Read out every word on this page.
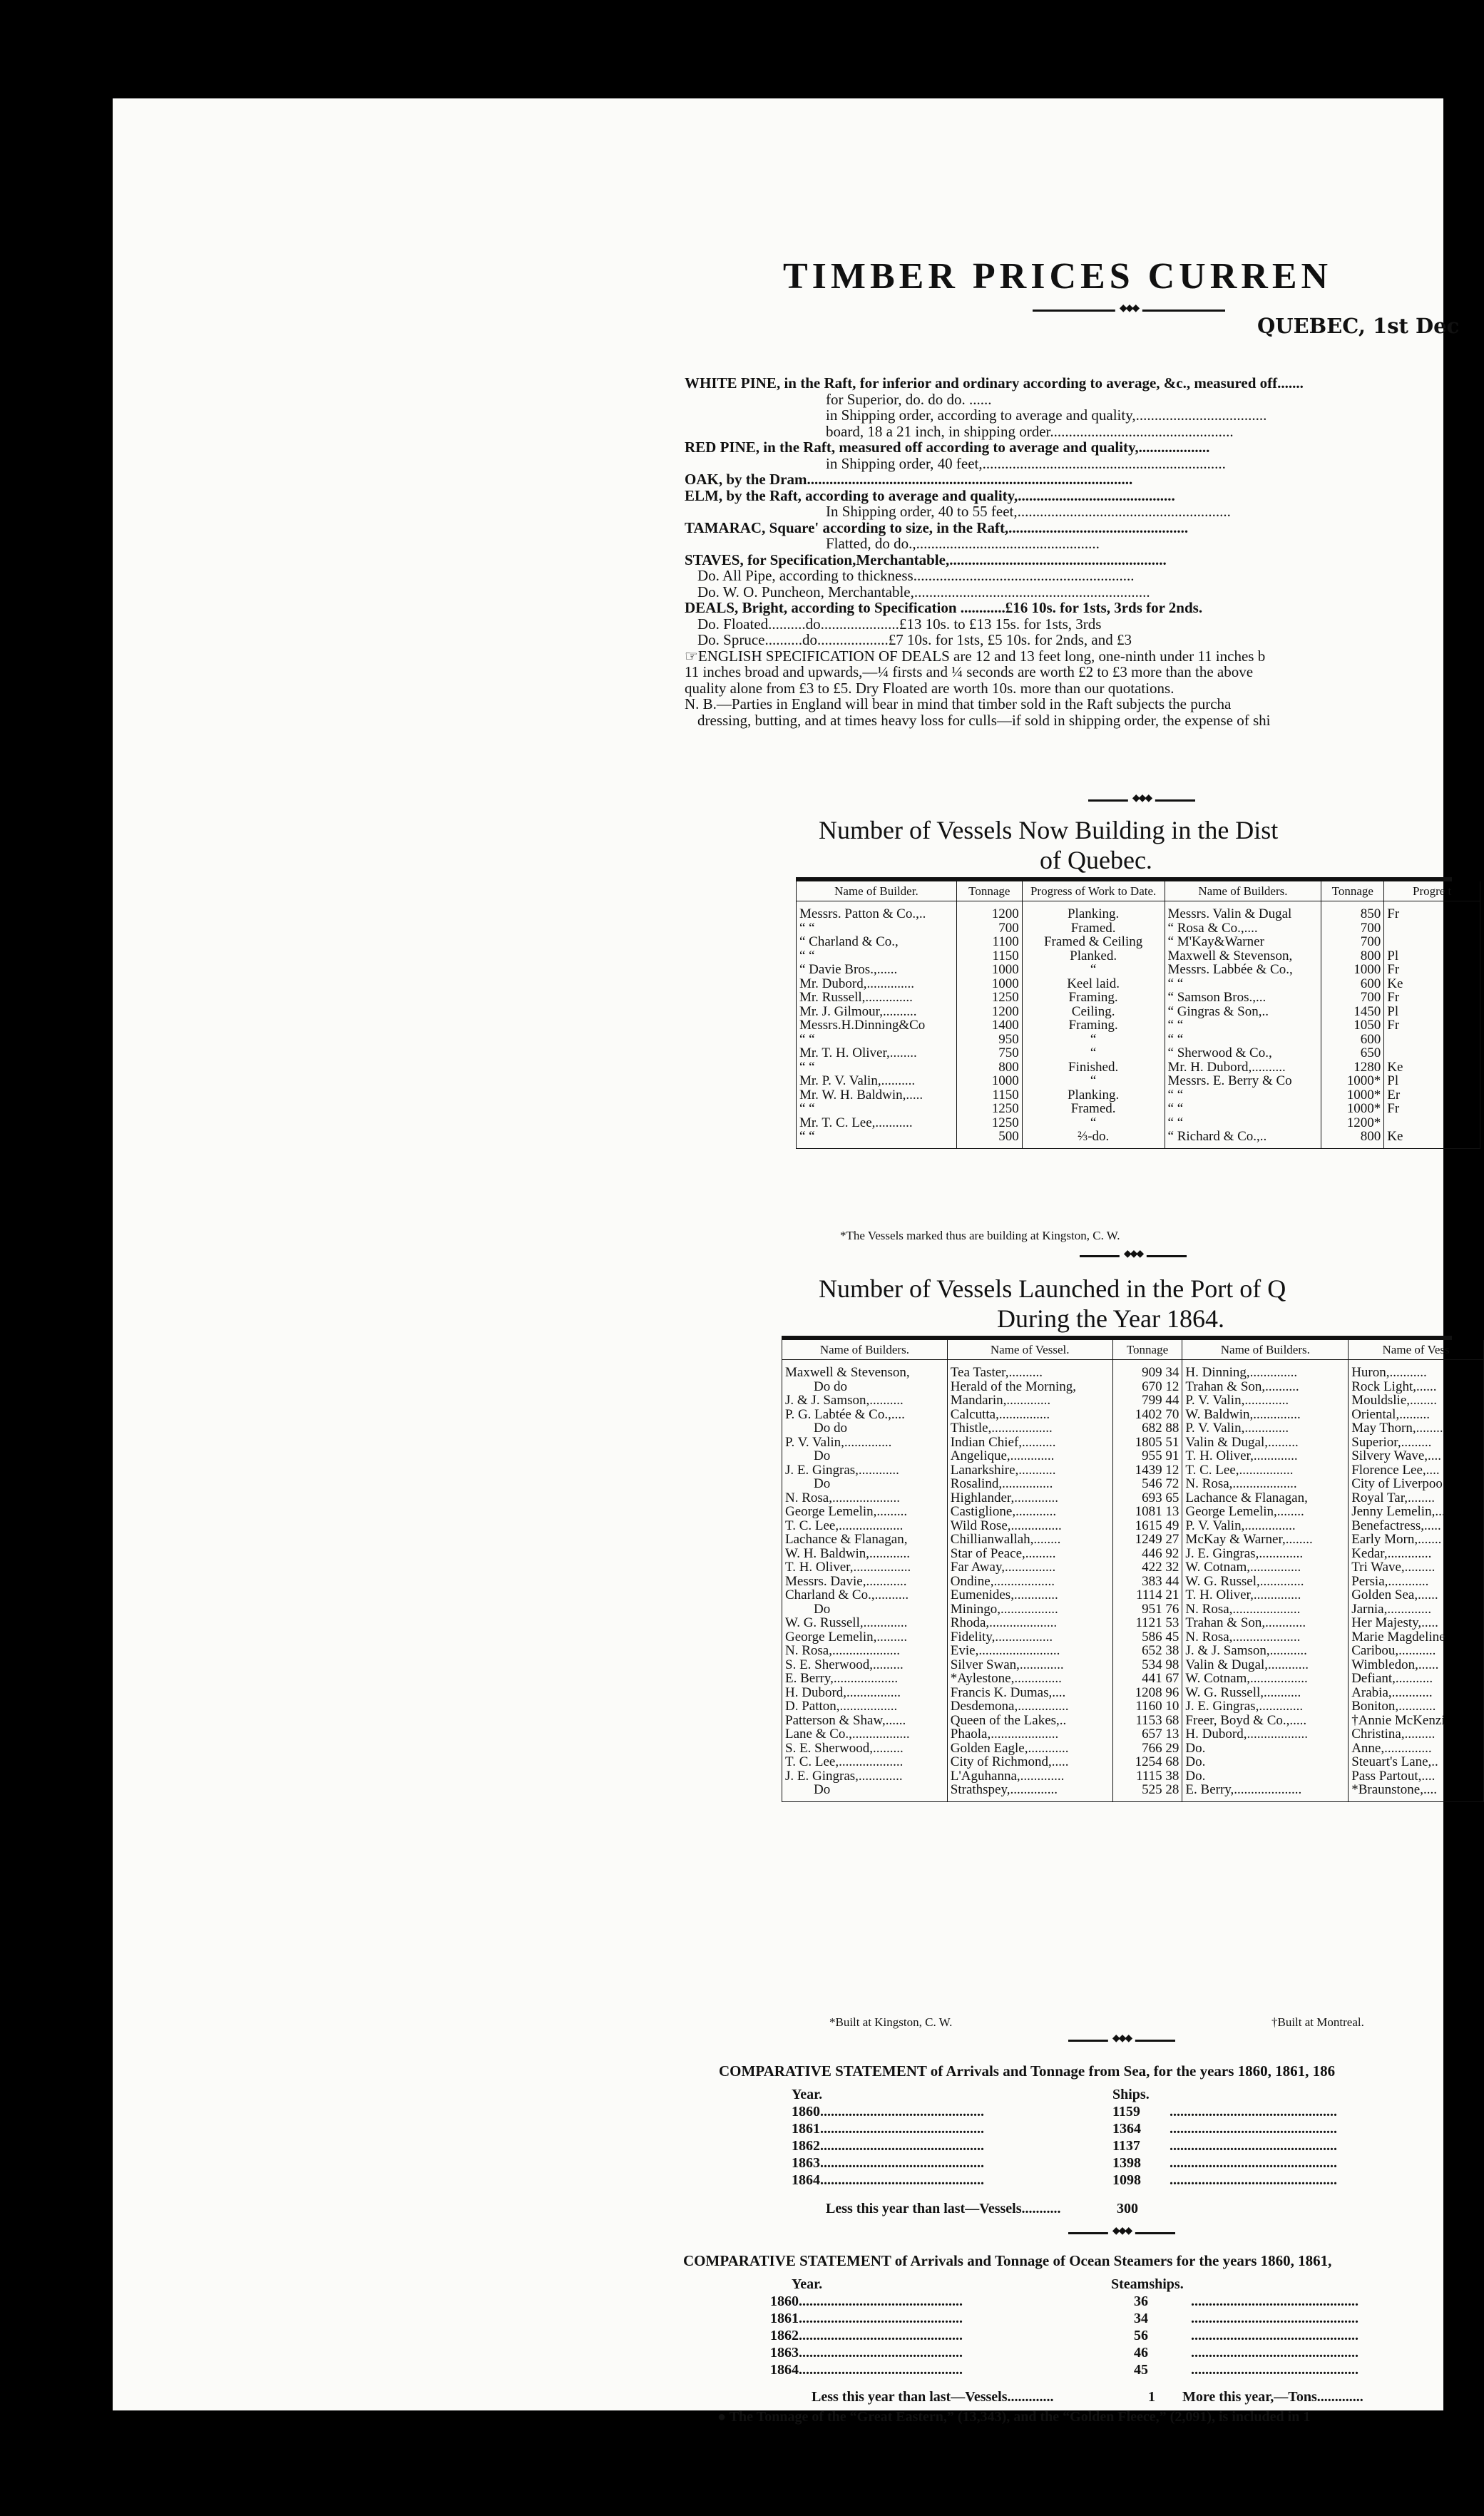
TIMBER PRICES CURREN
◆◆◆
QUEBEC, 1st Dec
WHITE PINE, in the Raft, for inferior and ordinary according to average, &c., measured off.......
for Superior, do. do do. ......
in Shipping order, according to average and quality,...................................
board, 18 a 21 inch, in shipping order.................................................
RED PINE, in the Raft, measured off according to average and quality,...................
in Shipping order, 40 feet,.................................................................
OAK, by the Dram.......................................................................................
ELM, by the Raft, according to average and quality,..........................................
In Shipping order, 40 to 55 feet,.........................................................
TAMARAC, Square' according to size, in the Raft,................................................
Flatted, do do.,.................................................
STAVES, for Specification,Merchantable,..........................................................
Do. All Pipe, according to thickness...........................................................
Do. W. O. Puncheon, Merchantable,...............................................................
DEALS, Bright, according to Specification ............£16 10s. for 1sts, 3rds for 2nds.
Do. Floated..........do.....................£13 10s. to £13 15s. for 1sts, 3rds
Do. Spruce..........do...................£7 10s. for 1sts, £5 10s. for 2nds, and £3
☞ENGLISH SPECIFICATION OF DEALS are 12 and 13 feet long, one-ninth under 11 inches b
11 inches broad and upwards,—¼ firsts and ¼ seconds are worth £2 to £3 more than the above
quality alone from £3 to £5. Dry Floated are worth 10s. more than our quotations.
N. B.—Parties in England will bear in mind that timber sold in the Raft subjects the purcha
dressing, butting, and at times heavy loss for culls—if sold in shipping order, the expense of shi
◆◆◆
Number of Vessels Now Building in the Dist
of Quebec.
Name of Builder.	Tonnage	Progress of Work to Date.	Name of Builders.	Tonnage	Progre t
Messrs. Patton & Co.,..	1200	Planking.	Messrs. Valin & Dugal	850	Fr
“ “	700	Framed.	“ Rosa & Co.,....	700	
“ Charland & Co.,	1100	Framed & Ceiling	“ M'Kay&Warner	700	
“ “	1150	Planked.	Maxwell & Stevenson,	800	Pl
“ Davie Bros.,......	1000	“	Messrs. Labbée & Co.,	1000	Fr
Mr. Dubord,..............	1000	Keel laid.	“ “	600	Ke
Mr. Russell,..............	1250	Framing.	“ Samson Bros.,...	700	Fr
Mr. J. Gilmour,..........	1200	Ceiling.	“ Gingras & Son,..	1450	Pl
Messrs.H.Dinning&Co	1400	Framing.	“ “	1050	Fr
“ “	950	“	“ “	600	
Mr. T. H. Oliver,........	750	“	“ Sherwood & Co.,	650	
“ “	800	Finished.	Mr. H. Dubord,..........	1280	Ke
Mr. P. V. Valin,..........	1000	“	Messrs. E. Berry & Co	1000*	Pl
Mr. W. H. Baldwin,.....	1150	Planking.	“ “	1000*	Er
“ “	1250	Framed.	“ “	1000*	Fr
Mr. T. C. Lee,...........	1250	“	“ “	1200*	
“ “	500	⅔-do.	“ Richard & Co.,..	800	Ke
*The Vessels marked thus are building at Kingston, C. W.
◆◆◆
Number of Vessels Launched in the Port of Q
During the Year 1864.
Name of Builders.	Name of Vessel.	Tonnage	Name of Builders.	Name of Vess
Maxwell & Stevenson,	Tea Taster,..........	909 34	H. Dinning,..............	Huron,...........
Do do	Herald of the Morning,	670 12	Trahan & Son,..........	Rock Light,......
J. & J. Samson,..........	Mandarin,.............	799 44	P. V. Valin,.............	Mouldslie,........
P. G. Labtée & Co.,....	Calcutta,...............	1402 70	W. Baldwin,..............	Oriental,.........
Do do	Thistle,..................	682 88	P. V. Valin,.............	May Thorn,........
P. V. Valin,..............	Indian Chief,..........	1805 51	Valin & Dugal,.........	Superior,.........
Do	Angelique,.............	955 91	T. H. Oliver,.............	Silvery Wave,....
J. E. Gingras,............	Lanarkshire,...........	1439 12	T. C. Lee,................	Florence Lee,....
Do	Rosalind,...............	546 72	N. Rosa,...................	City of Liverpoo
N. Rosa,....................	Highlander,.............	693 65	Lachance & Flanagan,	Royal Tar,........
George Lemelin,.........	Castiglione,............	1081 13	George Lemelin,........	Jenny Lemelin,...
T. C. Lee,...................	Wild Rose,...............	1615 49	P. V. Valin,...............	Benefactress,.....
Lachance & Flanagan,	Chillianwallah,........	1249 27	McKay & Warner,........	Early Morn,.......
W. H. Baldwin,............	Star of Peace,.........	446 92	J. E. Gingras,.............	Kedar,.............
T. H. Oliver,.................	Far Away,...............	422 32	W. Cotnam,...............	Tri Wave,.........
Messrs. Davie,............	Ondine,..................	383 44	W. G. Russel,.............	Persia,............
Charland & Co.,..........	Eumenides,.............	1114 21	T. H. Oliver,..............	Golden Sea,......
Do	Miningo,.................	951 76	N. Rosa,....................	Jarnia,.............
W. G. Russell,.............	Rhoda,....................	1121 53	Trahan & Son,............	Her Majesty,.....
George Lemelin,.........	Fidelity,.................	586 45	N. Rosa,....................	Marie Magdeline
N. Rosa,....................	Evie,........................	652 38	J. & J. Samson,...........	Caribou,...........
S. E. Sherwood,.........	Silver Swan,.............	534 98	Valin & Dugal,............	Wimbledon,......
E. Berry,...................	*Aylestone,..............	441 67	W. Cotnam,.................	Defiant,...........
H. Dubord,................	Francis K. Dumas,....	1208 96	W. G. Russell,...........	Arabia,............
D. Patton,.................	Desdemona,...............	1160 10	J. E. Gingras,.............	Boniton,...........
Patterson & Shaw,......	Queen of the Lakes,..	1153 68	Freer, Boyd & Co.,.....	†Annie McKenzi
Lane & Co.,.................	Phaola,....................	657 13	H. Dubord,..................	Christina,.........
S. E. Sherwood,.........	Golden Eagle,............	766 29	Do.	Anne,..............
T. C. Lee,...................	City of Richmond,.....	1254 68	Do.	Steuart's Lane,..
J. E. Gingras,.............	L'Aguhanna,.............	1115 38	Do.	Pass Partout,....
Do	Strathspey,..............	525 28	E. Berry,....................	*Braunstone,....
*Built at Kingston, C. W.	†Built at Montreal.
◆◆◆
COMPARATIVE STATEMENT of Arrivals and Tonnage from Sea, for the years 1860, 1861, 186
Year.	Ships.
1860..............................................	1159 ...............................................
1861..............................................	1364 ...............................................
1862..............................................	1137 ...............................................
1863..............................................	1398 ...............................................
1864..............................................	1098 ...............................................
Less this year than last—Vessels...........	300
◆◆◆
COMPARATIVE STATEMENT of Arrivals and Tonnage of Ocean Steamers for the years 1860, 1861,
Year.	Steamships.
1860..............................................	36	...............................................
1861..............................................	34	...............................................
1862..............................................	56	...............................................
1863..............................................	46	...............................................
1864..............................................	45	...............................................
Less this year than last—Vessels.............	1 More this year,—Tons.............
● The Tonnage of the “Great Eastern,” (13,343), and the “Golden Fleece,” (2,091), is included in 1
